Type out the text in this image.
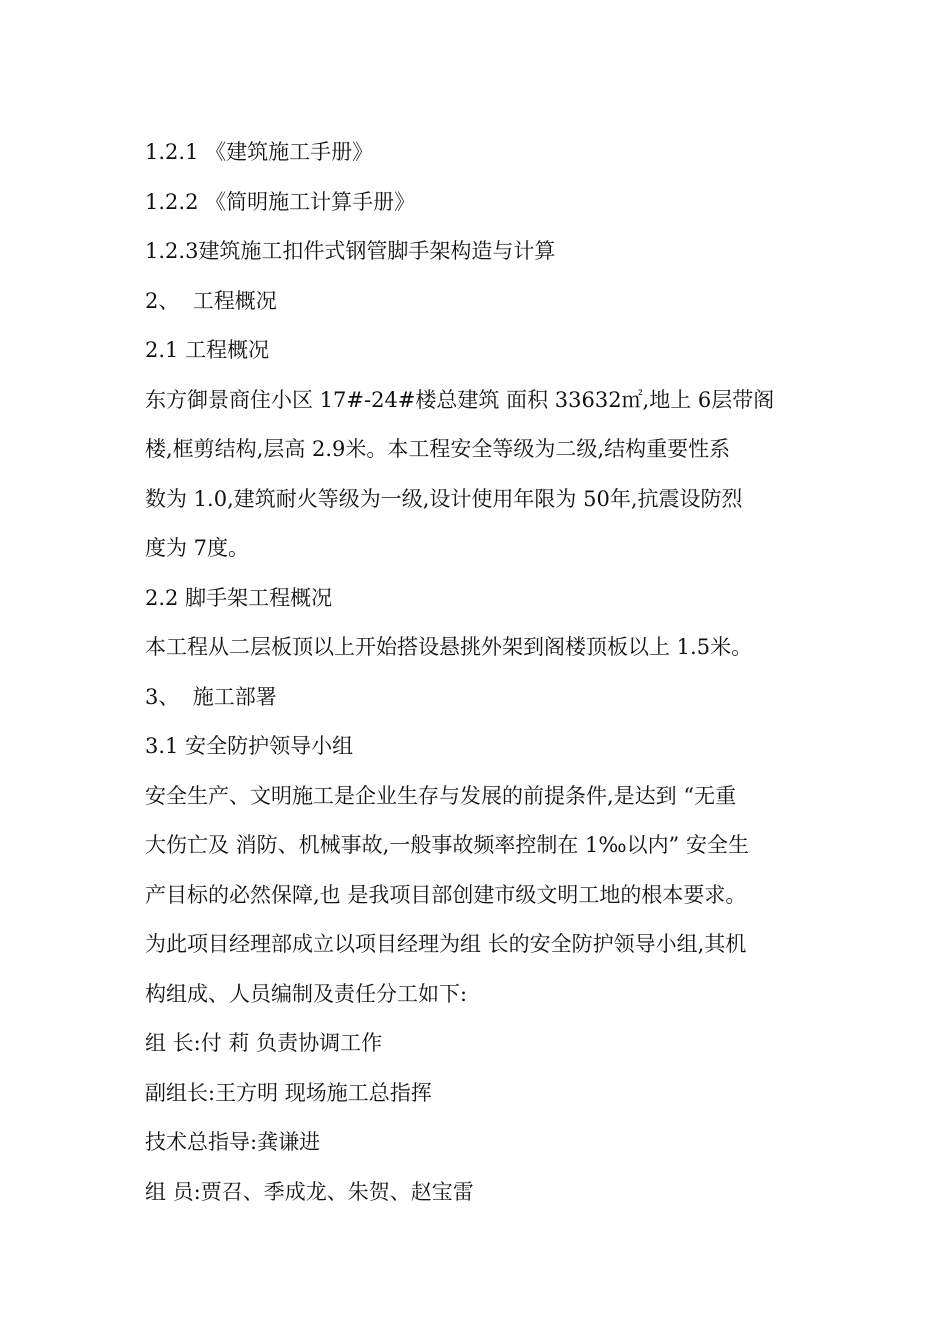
1.2.1 《建筑施工手册》
1.2.2 《简明施工计算手册》
1.2.3建筑施工扣件式钢管脚手架构造与计算
2、  工程概况
2.1 工程概况
东方御景商住小区 17#-24#楼总建筑 面积 33632㎡,地上 6层带阁
楼,框剪结构,层高 2.9米。本工程安全等级为二级,结构重要性系
数为 1.0,建筑耐火等级为一级,设计使用年限为 50年,抗震设防烈
度为 7度。
2.2 脚手架工程概况
本工程从二层板顶以上开始搭设悬挑外架到阁楼顶板以上 1.5米。
3、  施工部署
3.1 安全防护领导小组
安全生产、文明施工是企业生存与发展的前提条件,是达到 “无重
大伤亡及 消防、机械事故,一般事故频率控制在 1‰以内” 安全生
产目标的必然保障,也 是我项目部创建市级文明工地的根本要求。
为此项目经理部成立以项目经理为组 长的安全防护领导小组,其机
构组成、人员编制及责任分工如下:
组 长:付 莉 负责协调工作
副组长:王方明 现场施工总指挥
技术总指导:龚谦进
组 员:贾召、季成龙、朱贺、赵宝雷
